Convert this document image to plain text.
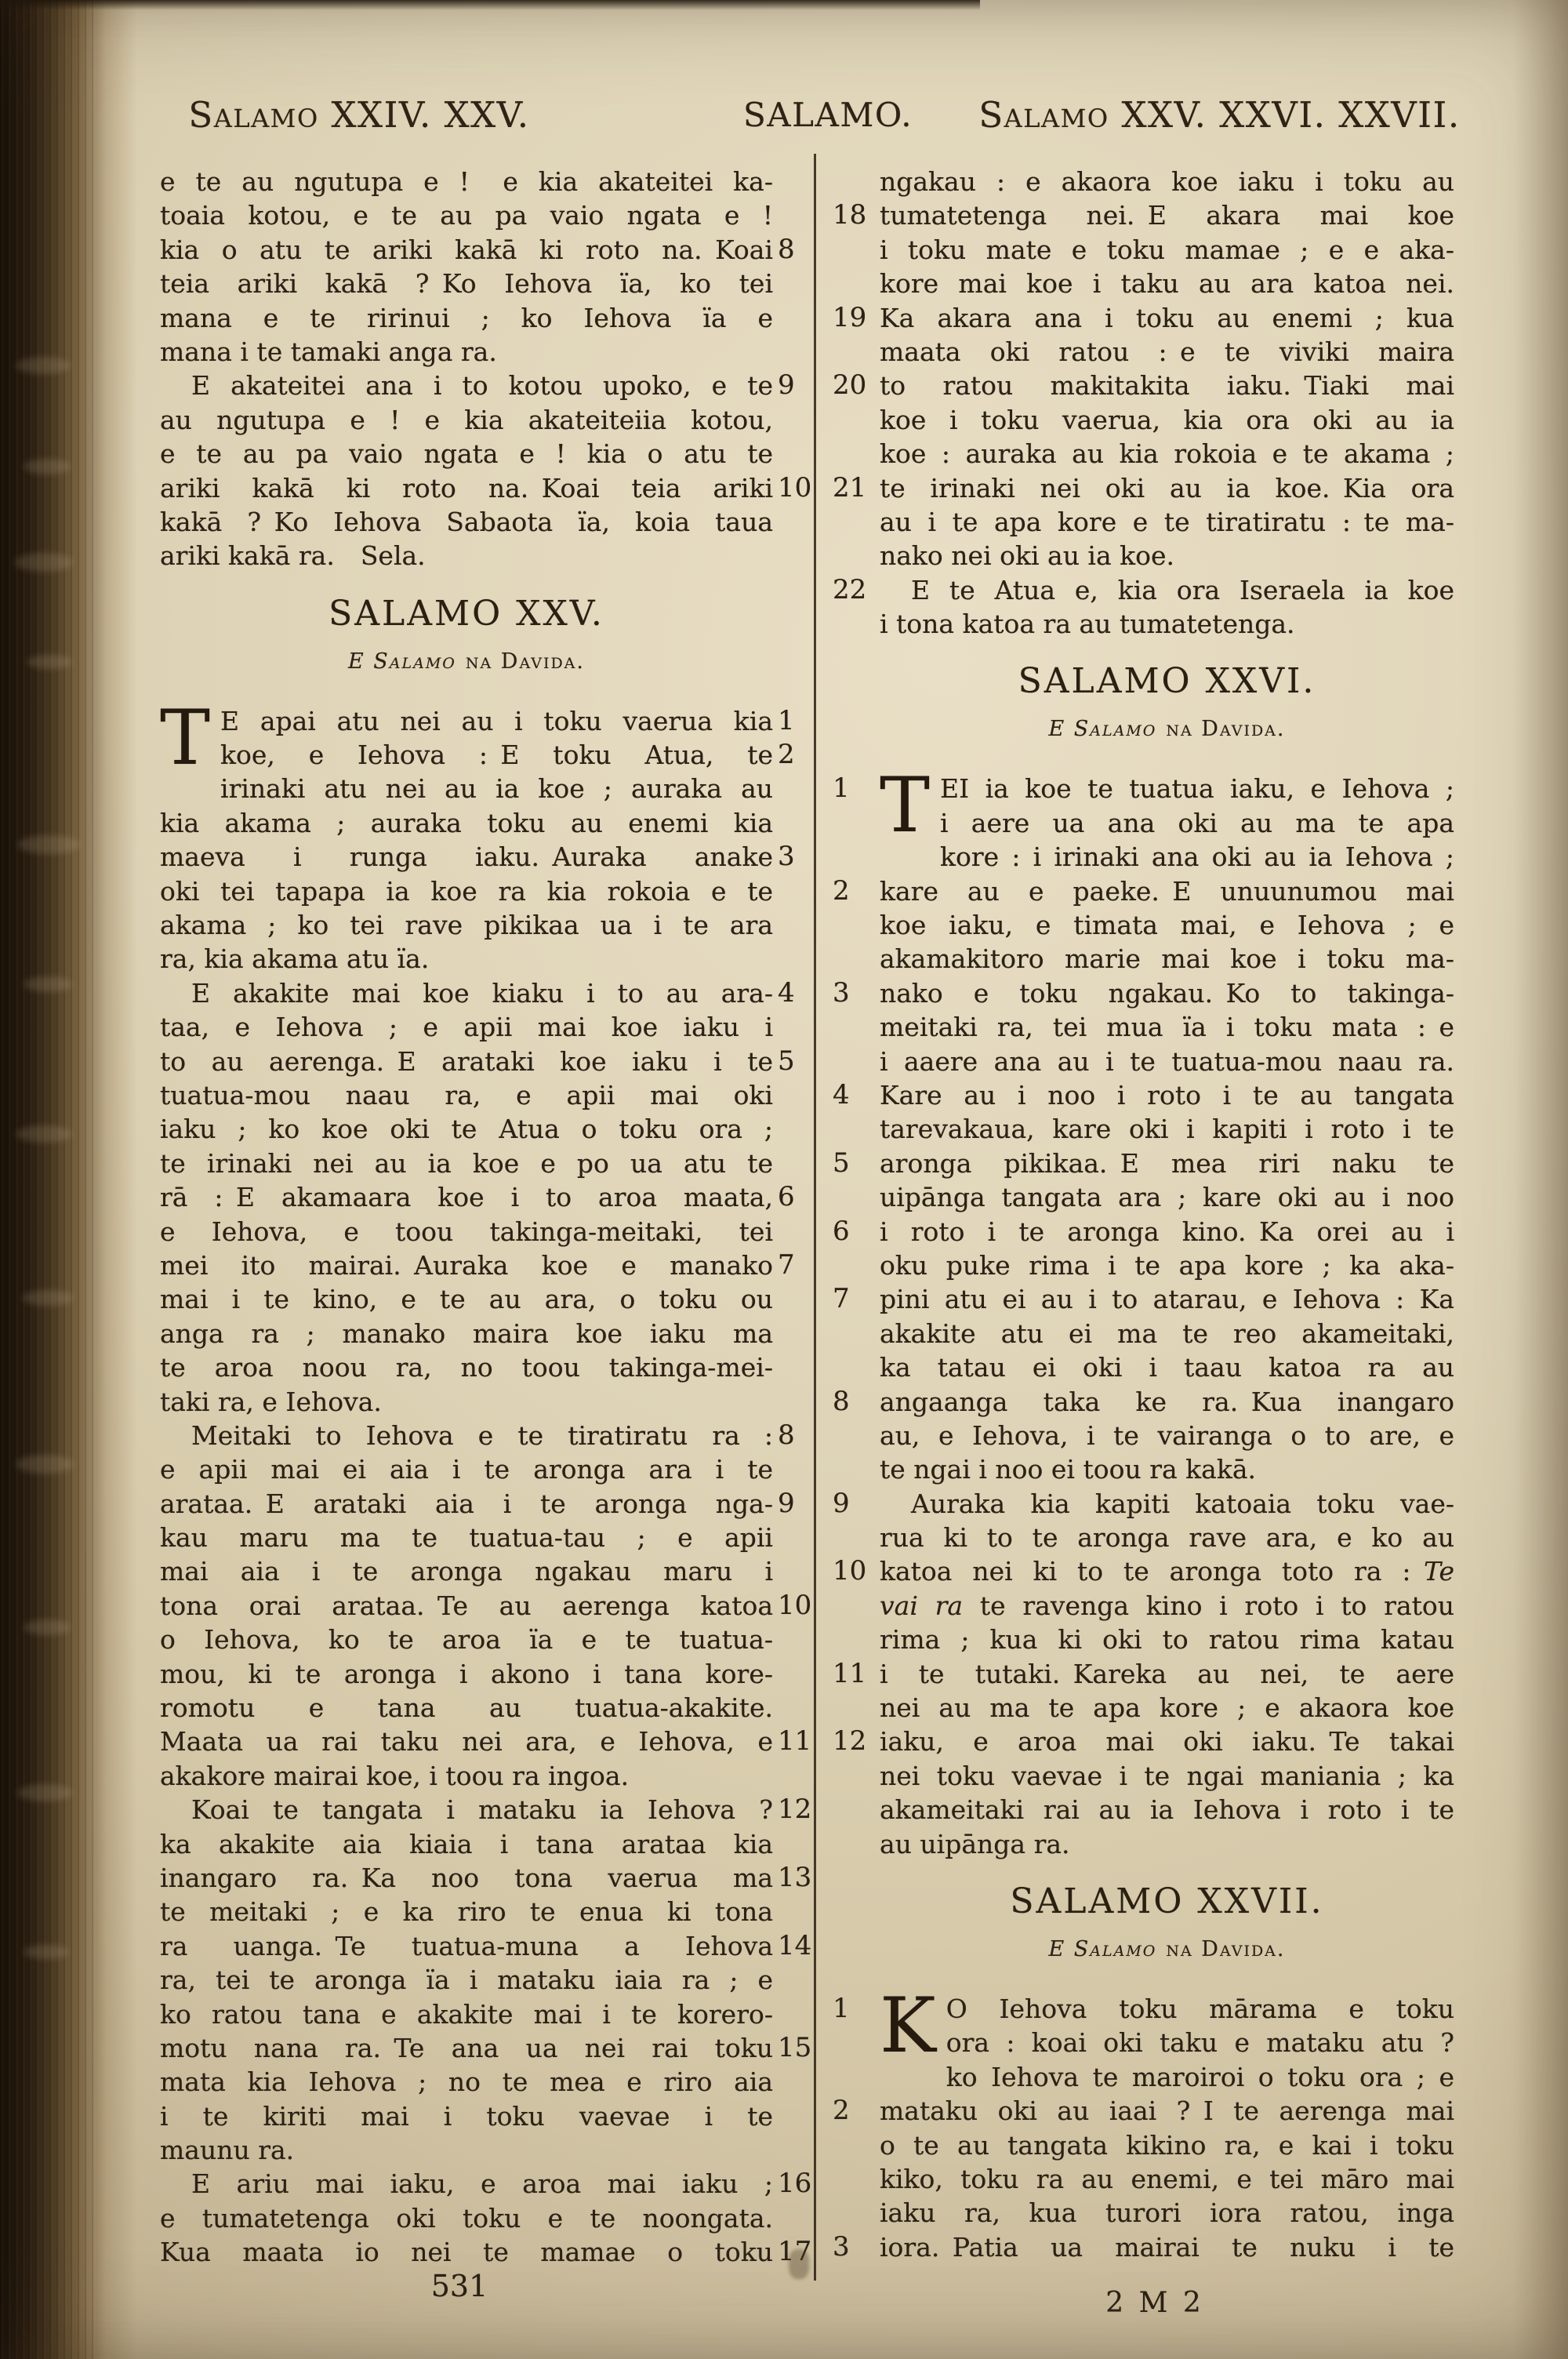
Salamo XXIV. XXV.	SALAMO. Salamo XXV. XXVI. XXVII.
e te au ngutupa e !  e kia akateitei ka-
toaia kotou, e te au pa vaio ngata e !
kia o atu te ariki kakā ki roto na. Koai 8
teia ariki kakā ? Ko Iehova ïa, ko tei
mana e te ririnui ; ko Iehova ïa e
mana i te tamaki anga ra.
E akateitei ana i to kotou upoko, e te 9
au ngutupa e ! e kia akateiteiia kotou,
e te au pa vaio ngata e ! kia o atu te
ariki kakā ki roto na. Koai teia ariki 10
kakā ? Ko Iehova Sabaota ïa, koia taua
ariki kakā ra.  Sela.
SALAMO XXV.
E Salamo na Davida.
T E apai atu nei au i toku vaerua kia 1
koe, e Iehova : E toku Atua, te 2
irinaki atu nei au ia koe ; auraka au
kia akama ; auraka toku au enemi kia
maeva i runga iaku. Auraka anake 3
oki tei tapapa ia koe ra kia rokoia e te
akama ; ko tei rave pikikaa ua i te ara
ra, kia akama atu ïa.
E akakite mai koe kiaku i to au ara- 4
taa, e Iehova ; e apii mai koe iaku i
to au aerenga. E arataki koe iaku i te 5
tuatua-mou naau ra, e apii mai oki
iaku ; ko koe oki te Atua o toku ora ;
te irinaki nei au ia koe e po ua atu te
rā : E akamaara koe i to aroa maata, 6
e Iehova, e toou takinga-meitaki, tei
mei ito mairai. Auraka koe e manako 7
mai i te kino, e te au ara, o toku ou
anga ra ; manako maira koe iaku ma
te aroa noou ra, no toou takinga-mei-
taki ra, e Iehova.
Meitaki to Iehova e te tiratiratu ra : 8
e apii mai ei aia i te aronga ara i te
arataa. E arataki aia i te aronga nga- 9
kau maru ma te tuatua-tau ; e apii
mai aia i te aronga ngakau maru i
tona orai arataa. Te au aerenga katoa 10
o Iehova, ko te aroa ïa e te tuatua-
mou, ki te aronga i akono i tana kore-
romotu e tana au tuatua-akakite.
Maata ua rai taku nei ara, e Iehova, e 11
akakore mairai koe, i toou ra ingoa.
Koai te tangata i mataku ia Iehova ? 12
ka akakite aia kiaia i tana arataa kia
inangaro ra. Ka noo tona vaerua ma 13
te meitaki ; e ka riro te enua ki tona
ra uanga. Te tuatua-muna a Iehova 14
ra, tei te aronga ïa i mataku iaia ra ; e
ko ratou tana e akakite mai i te korero-
motu nana ra. Te ana ua nei rai toku 15
mata kia Iehova ; no te mea e riro aia
i te kiriti mai i toku vaevae i te
maunu ra.
E ariu mai iaku, e aroa mai iaku ; 16
e tumatetenga oki toku e te noongata.
Kua maata io nei te mamae o toku 17
ngakau : e akaora koe iaku i toku au
tumatetenga nei. E akara mai koe
18
i toku mate e toku mamae ; e e aka-
kore mai koe i taku au ara katoa nei.
Ka akara ana i toku au enemi ; kua
19
maata oki ratou : e te viviki maira
to ratou makitakita iaku. Tiaki mai
20
koe i toku vaerua, kia ora oki au ia
koe : auraka au kia rokoia e te akama ;
te irinaki nei oki au ia koe. Kia ora
21
au i te apa kore e te tiratiratu : te ma-
nako nei oki au ia koe.
E te Atua e, kia ora Iseraela ia koe
22
i tona katoa ra au tumatetenga.
SALAMO XXVI.
E Salamo na Davida.
T EI ia koe te tuatua iaku, e Iehova ;
1
i aere ua ana oki au ma te apa
kore : i irinaki ana oki au ia Iehova ;
kare au e paeke. E unuunumou mai
2
koe iaku, e timata mai, e Iehova ; e
akamakitoro marie mai koe i toku ma-
nako e toku ngakau. Ko to takinga-
3
meitaki ra, tei mua ïa i toku mata : e
i aaere ana au i te tuatua-mou naau ra.
Kare au i noo i roto i te au tangata
4
tarevakaua, kare oki i kapiti i roto i te
aronga pikikaa. E mea riri naku te
5
uipānga tangata ara ; kare oki au i noo
i roto i te aronga kino. Ka orei au i
6
oku puke rima i te apa kore ; ka aka-
pini atu ei au i to atarau, e Iehova : Ka
7
akakite atu ei ma te reo akameitaki,
ka tatau ei oki i taau katoa ra au
angaanga taka ke ra. Kua inangaro
8
au, e Iehova, i te vairanga o to are, e
te ngai i noo ei toou ra kakā.
Auraka kia kapiti katoaia toku vae-
9
rua ki to te aronga rave ara, e ko au
katoa nei ki to te aronga toto ra : Te
10
vai ra te ravenga kino i roto i to ratou
rima ; kua ki oki to ratou rima katau
i te tutaki. Kareka au nei, te aere
11
nei au ma te apa kore ; e akaora koe
iaku, e aroa mai oki iaku. Te takai
12
nei toku vaevae i te ngai maniania ; ka
akameitaki rai au ia Iehova i roto i te
au uipānga ra.
SALAMO XXVII.
E Salamo na Davida.
K O Iehova toku mārama e toku
1
ora : koai oki taku e mataku atu ?
ko Iehova te maroiroi o toku ora ; e
mataku oki au iaai ? I te aerenga mai
2
o te au tangata kikino ra, e kai i toku
kiko, toku ra au enemi, e tei māro mai
iaku ra, kua turori iora ratou, inga
iora. Patia ua mairai te nuku i te
3
531	2 M 2
